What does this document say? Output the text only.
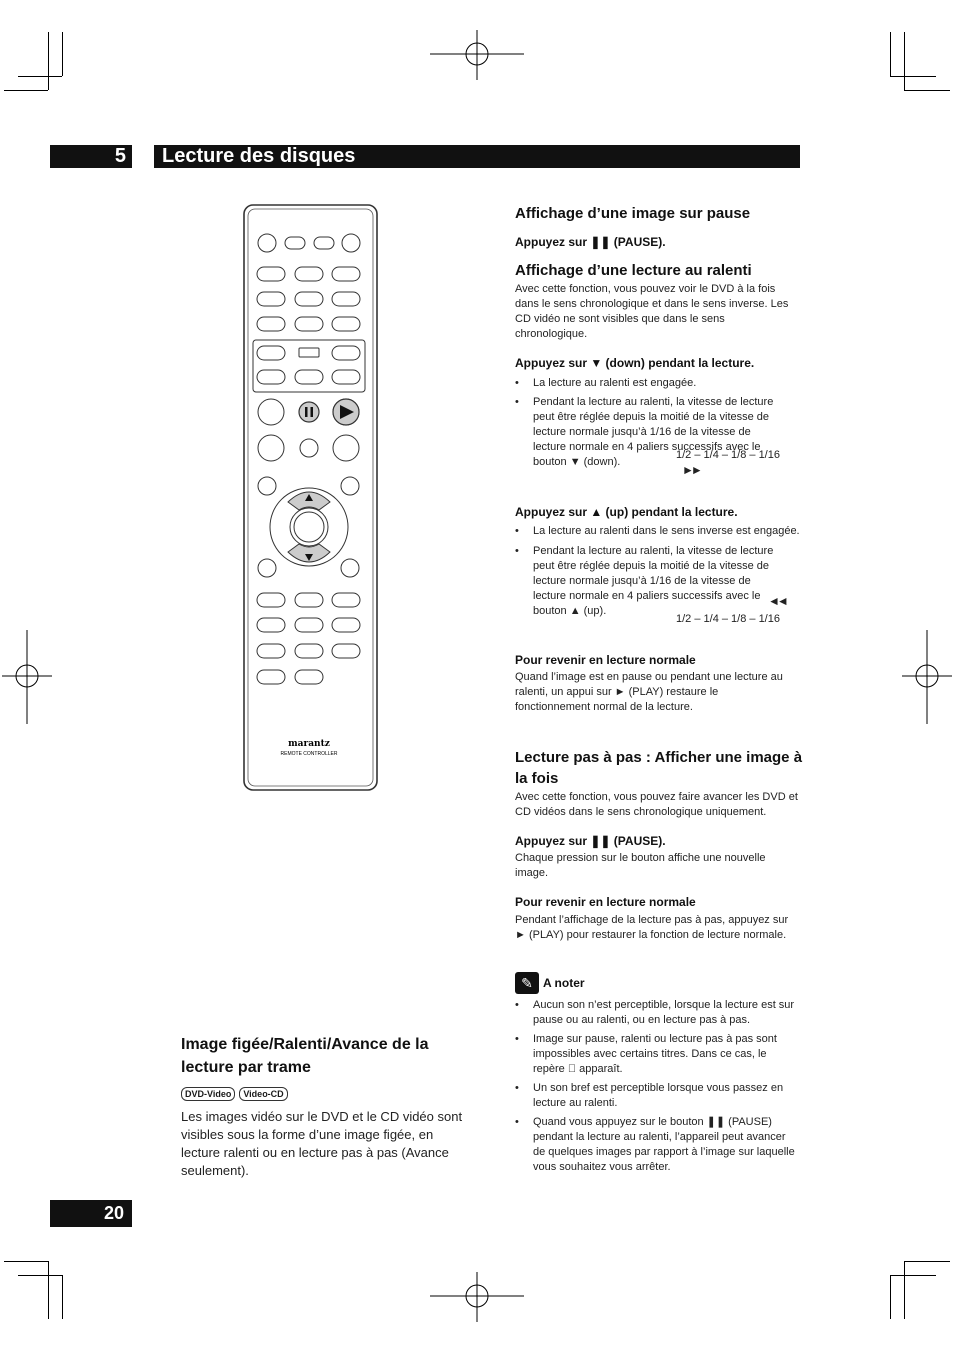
5	Lecture des disques
marantz
REMOTE CONTROLLER
Image figée/Ralenti/Avance de la
lecture par trame
DVD-Video Video-CD
Les images vidéo sur le DVD et le CD vidéo sont visibles sous la forme d’une image figée, en lecture ralenti ou en lecture pas à pas (Avance seulement).
Affichage d’une image sur pause
Appuyez sur ❚❚ (PAUSE).
Affichage d’une lecture au ralenti
Avec cette fonction, vous pouvez voir le DVD à la fois dans le sens chronologique et dans le sens inverse. Les CD vidéo ne sont visibles que dans le sens chronologique.
Appuyez sur ▼ (down) pendant la lecture.
• La lecture au ralenti est engagée.
• Pendant la lecture au ralenti, la vitesse de lecture peut être réglée depuis la moitié de la vitesse de lecture normale jusqu’à 1/16 de la vitesse de lecture normale en 4 paliers successifs avec le bouton ▼ (down).
1/2 – 1/4 – 1/8 – 1/16
►►
Appuyez sur ▲ (up) pendant la lecture.
• La lecture au ralenti dans le sens inverse est engagée.
• Pendant la lecture au ralenti, la vitesse de lecture peut être réglée depuis la moitié de la vitesse de lecture normale jusqu’à 1/16 de la vitesse de lecture normale en 4 paliers successifs avec le bouton ▲ (up).
◄◄
1/2 – 1/4 – 1/8 – 1/16
Pour revenir en lecture normale
Quand l’image est en pause ou pendant une lecture au ralenti, un appui sur ► (PLAY) restaure le fonctionnement normal de la lecture.
Lecture pas à pas : Afficher une image à
la fois
Avec cette fonction, vous pouvez faire avancer les DVD et CD vidéos dans le sens chronologique uniquement.
Appuyez sur ❚❚ (PAUSE).
Chaque pression sur le bouton affiche une nouvelle image.
Pour revenir en lecture normale
Pendant l’affichage de la lecture pas à pas, appuyez sur ► (PLAY) pour restaurer la fonction de lecture normale.
✎ A noter
• Aucun son n’est perceptible, lorsque la lecture est sur pause ou au ralenti, ou en lecture pas à pas.
• Image sur pause, ralenti ou lecture pas à pas sont impossibles avec certains titres. Dans ce cas, le repère ⃠ apparaît.
• Un son bref est perceptible lorsque vous passez en lecture au ralenti.
• Quand vous appuyez sur le bouton ❚❚ (PAUSE) pendant la lecture au ralenti, l’appareil peut avancer de quelques images par rapport à l’image sur laquelle vous souhaitez vous arrêter.
20
